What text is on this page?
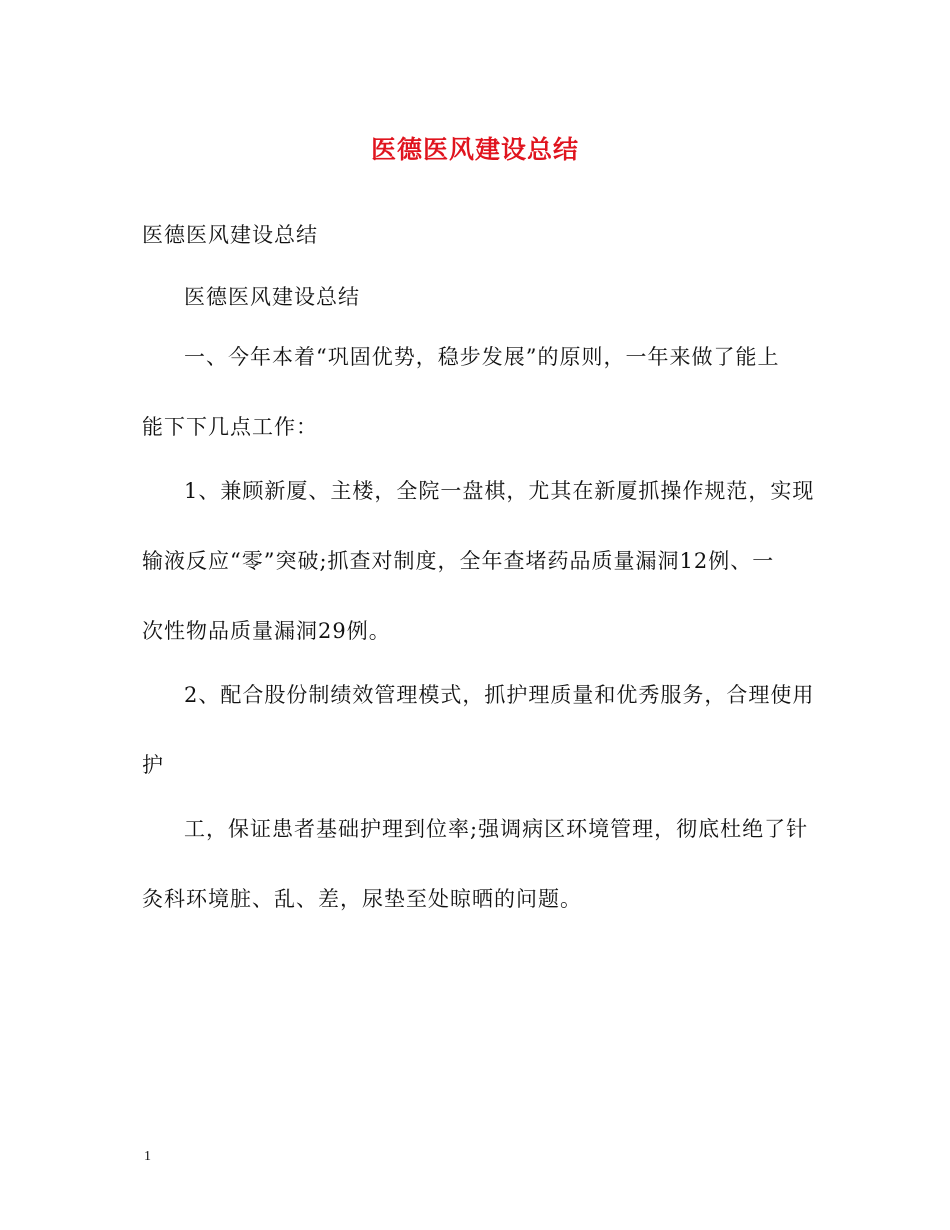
医德医风建设总结
医德医风建设总结
医德医风建设总结
一、今年本着“巩固优势，稳步发展”的原则，一年来做了能上
能下下几点工作：
1、兼顾新厦、主楼，全院一盘棋，尤其在新厦抓操作规范，实现
输液反应“零”突破;抓查对制度，全年查堵药品质量漏洞12例、一
次性物品质量漏洞29例。
2、配合股份制绩效管理模式，抓护理质量和优秀服务，合理使用
护
工，保证患者基础护理到位率;强调病区环境管理，彻底杜绝了针
灸科环境脏、乱、差，尿垫至处晾晒的问题。
1
